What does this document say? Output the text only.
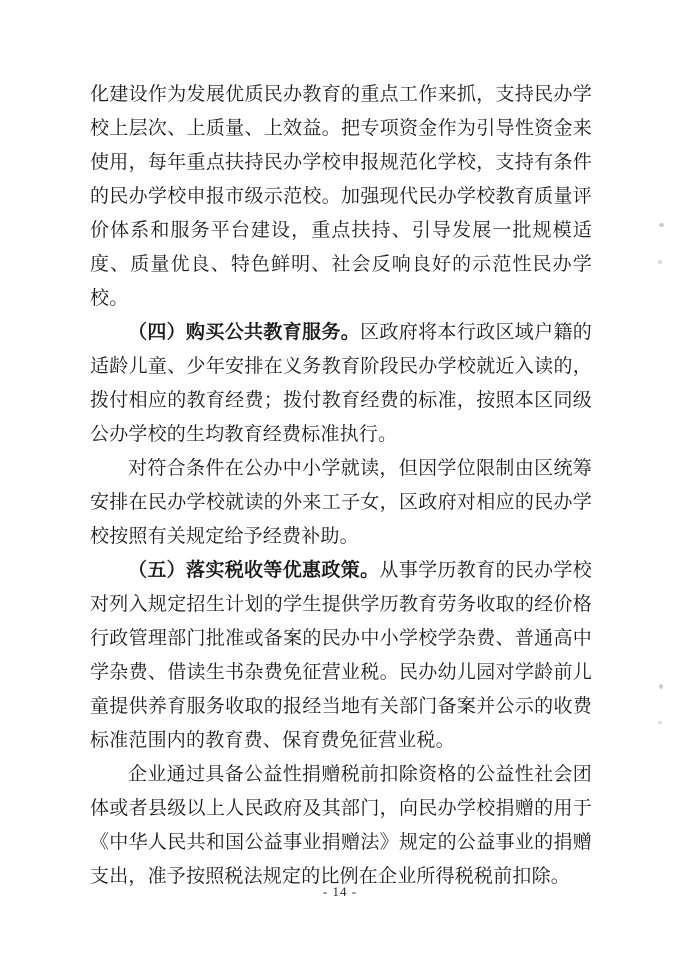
化建设作为发展优质民办教育的重点工作来抓，支持民办学校上层次、上质量、上效益。把专项资金作为引导性资金来使用，每年重点扶持民办学校申报规范化学校，支持有条件的民办学校申报市级示范校。加强现代民办学校教育质量评价体系和服务平台建设，重点扶持、引导发展一批规模适度、质量优良、特色鲜明、社会反响良好的示范性民办学校。

（四）购买公共教育服务。区政府将本行政区域户籍的适龄儿童、少年安排在义务教育阶段民办学校就近入读的，拨付相应的教育经费；拨付教育经费的标准，按照本区同级公办学校的生均教育经费标准执行。

对符合条件在公办中小学就读，但因学位限制由区统筹安排在民办学校就读的外来工子女，区政府对相应的民办学校按照有关规定给予经费补助。

（五）落实税收等优惠政策。从事学历教育的民办学校对列入规定招生计划的学生提供学历教育劳务收取的经价格行政管理部门批准或备案的民办中小学校学杂费、普通高中学杂费、借读生书杂费免征营业税。民办幼儿园对学龄前儿童提供养育服务收取的报经当地有关部门备案并公示的收费标准范围内的教育费、保育费免征营业税。

企业通过具备公益性捐赠税前扣除资格的公益性社会团体或者县级以上人民政府及其部门，向民办学校捐赠的用于《中华人民共和国公益事业捐赠法》规定的公益事业的捐赠支出，准予按照税法规定的比例在企业所得税税前扣除。

- 14 -
